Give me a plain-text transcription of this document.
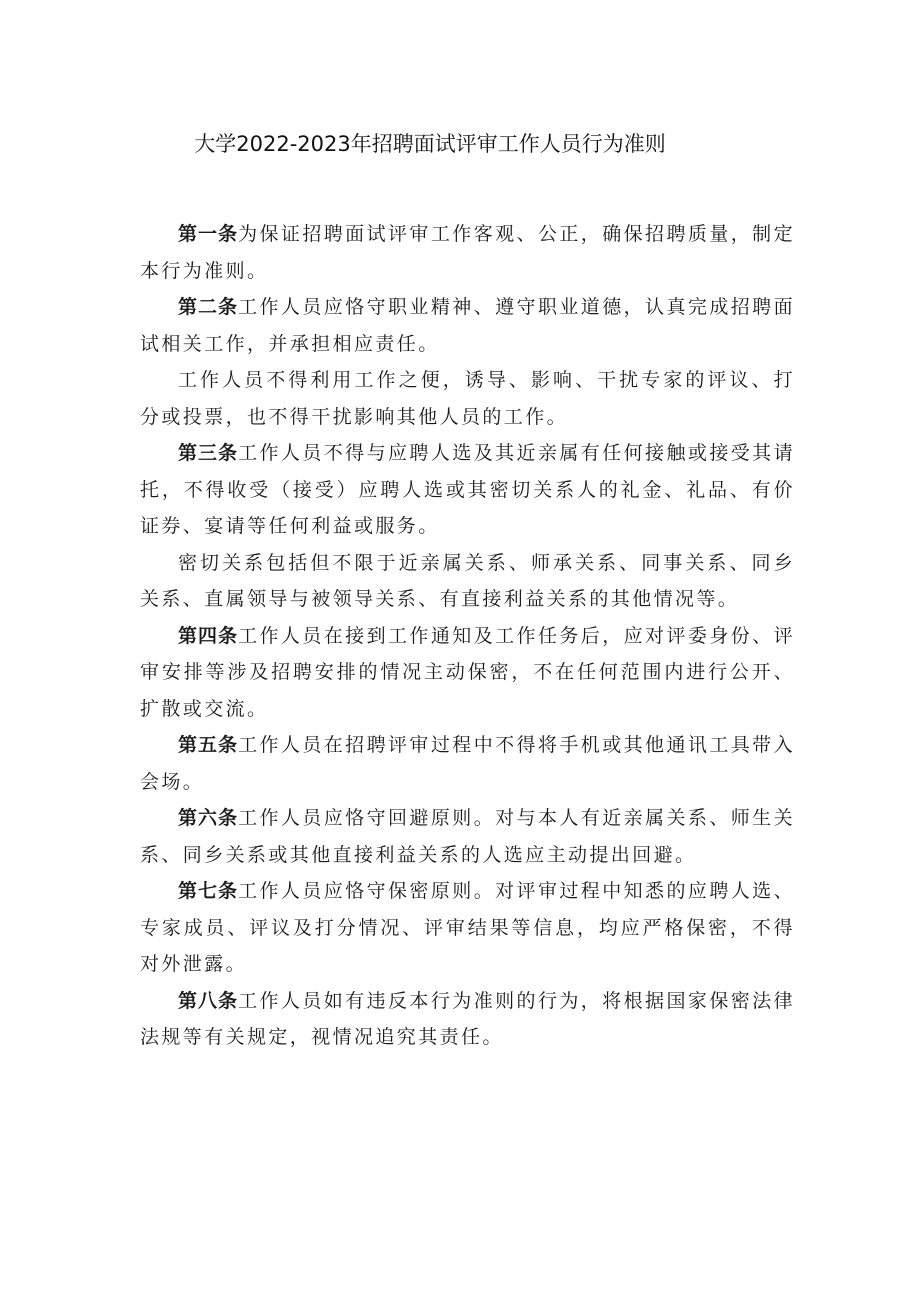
大学2022-2023年招聘面试评审工作人员行为准则

第一条为保证招聘面试评审工作客观、公正，确保招聘质量，制定本行为准则。

第二条工作人员应恪守职业精神、遵守职业道德，认真完成招聘面试相关工作，并承担相应责任。

工作人员不得利用工作之便，诱导、影响、干扰专家的评议、打分或投票，也不得干扰影响其他人员的工作。

第三条工作人员不得与应聘人选及其近亲属有任何接触或接受其请托，不得收受（接受）应聘人选或其密切关系人的礼金、礼品、有价证券、宴请等任何利益或服务。

密切关系包括但不限于近亲属关系、师承关系、同事关系、同乡关系、直属领导与被领导关系、有直接利益关系的其他情况等。

第四条工作人员在接到工作通知及工作任务后，应对评委身份、评审安排等涉及招聘安排的情况主动保密，不在任何范围内进行公开、扩散或交流。

第五条工作人员在招聘评审过程中不得将手机或其他通讯工具带入会场。

第六条工作人员应恪守回避原则。对与本人有近亲属关系、师生关系、同乡关系或其他直接利益关系的人选应主动提出回避。

第七条工作人员应恪守保密原则。对评审过程中知悉的应聘人选、专家成员、评议及打分情况、评审结果等信息，均应严格保密，不得对外泄露。

第八条工作人员如有违反本行为准则的行为，将根据国家保密法律法规等有关规定，视情况追究其责任。
